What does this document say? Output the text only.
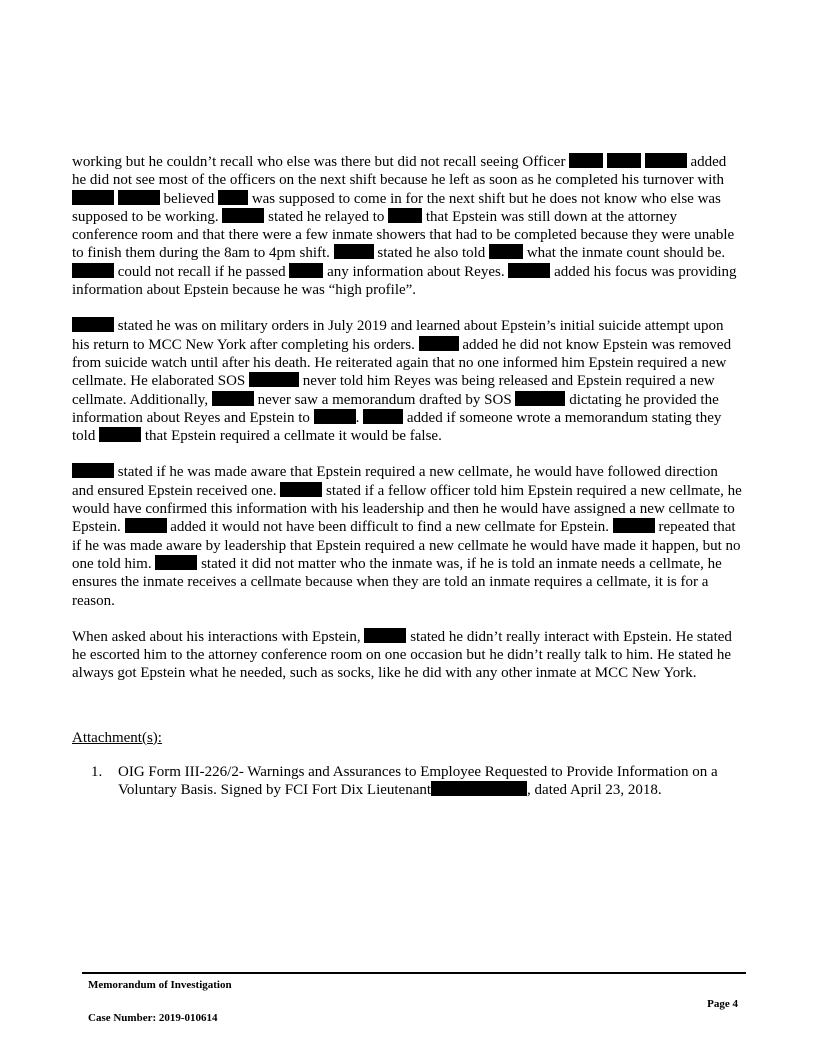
working but he couldn’t recall who else was there but did not recall seeing Officer	added he did not see most of the officers on the next shift because he left as soon as he completed his turnover with   believed  was supposed to come in for the next shift but he does not know who else was supposed to be working.	stated he relayed to  that Epstein was still down at the attorney conference room and that there were a few inmate showers that had to be completed because they were unable to finish them during the 8am to 4pm shift.	stated he also told  what the inmate count should be.  could not recall if he passed  any information about Reyes.	added his focus was providing information about Epstein because he was “high profile”.

stated he was on military orders in July 2019 and learned about Epstein’s initial suicide attempt upon his return to MCC New York after completing his orders.	added he did not know Epstein was removed from suicide watch until after his death. He reiterated again that no one informed him Epstein required a new cellmate. He elaborated SOS	never told him Reyes was being released and Epstein required a new cellmate. Additionally,	never saw a memorandum drafted by SOS	dictating he provided the information about Reyes and Epstein to	.	added if someone wrote a memorandum stating they told	that Epstein required a cellmate it would be false.

stated if he was made aware that Epstein required a new cellmate, he would have followed direction and ensured Epstein received one.	stated if a fellow officer told him Epstein required a new cellmate, he would have confirmed this information with his leadership and then he would have assigned a new cellmate to Epstein.	added it would not have been difficult to find a new cellmate for Epstein.	repeated that if he was made aware by leadership that Epstein required a new cellmate he would have made it happen, but no one told him.	stated it did not matter who the inmate was, if he is told an inmate needs a cellmate, he ensures the inmate receives a cellmate because when they are told an inmate requires a cellmate, it is for a reason.

When asked about his interactions with Epstein,	stated he didn’t really interact with Epstein. He stated he escorted him to the attorney conference room on one occasion but he didn’t really talk to him. He stated he always got Epstein what he needed, such as socks, like he did with any other inmate at MCC New York.

Attachment(s):
1.	OIG Form III-226/2- Warnings and Assurances to Employee Requested to Provide Information on a Voluntary Basis. Signed by FCI Fort Dix Lieutenant	, dated April 23, 2018.
Memorandum of Investigation
Page 4
Case Number: 2019-010614
